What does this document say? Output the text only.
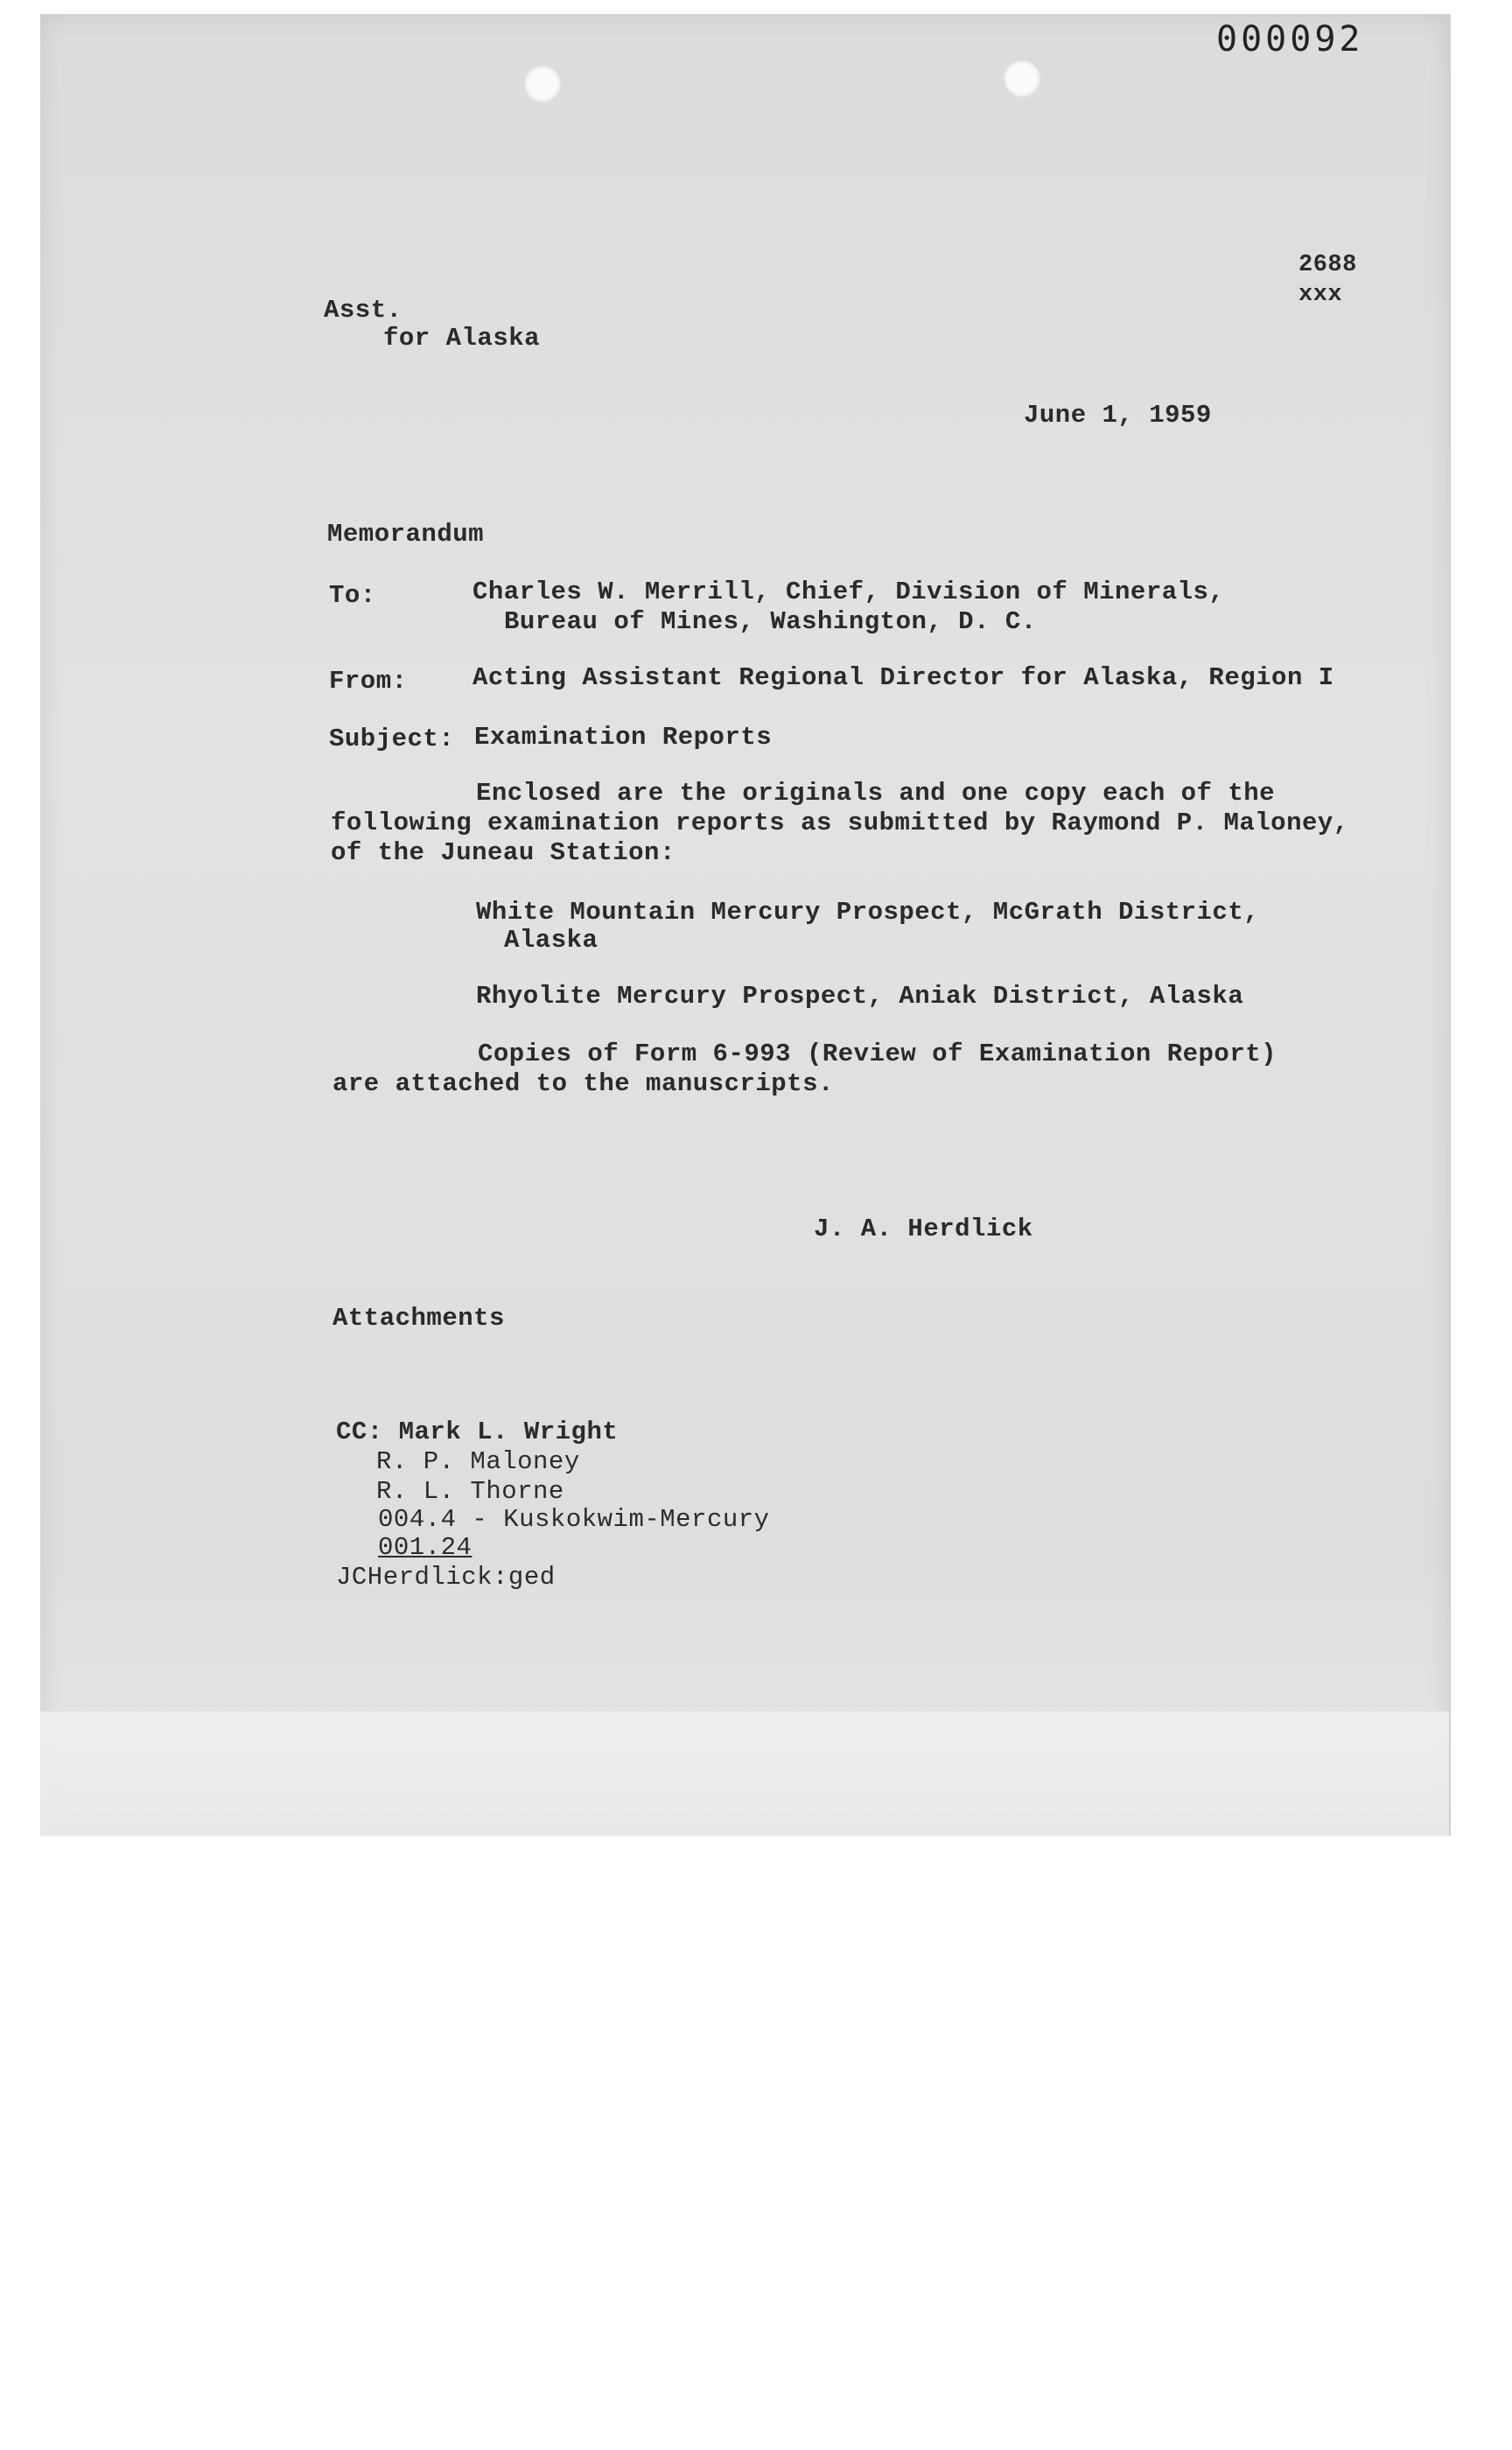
000092
2688
xxx
Asst.
for Alaska
June 1, 1959
Memorandum
To:	Charles W. Merrill, Chief, Division of Minerals,
Bureau of Mines, Washington, D. C.
From:	Acting Assistant Regional Director for Alaska, Region I
Subject: Examination Reports
Enclosed are the originals and one copy each of the
following examination reports as submitted by Raymond P. Maloney,
of the Juneau Station:
White Mountain Mercury Prospect, McGrath District,
Alaska
Rhyolite Mercury Prospect, Aniak District, Alaska
Copies of Form 6-993 (Review of Examination Report)
are attached to the manuscripts.
J. A. Herdlick
Attachments
CC: Mark L. Wright
R. P. Maloney
R. L. Thorne
004.4 - Kuskokwim-Mercury
001.24
JCHerdlick:ged
